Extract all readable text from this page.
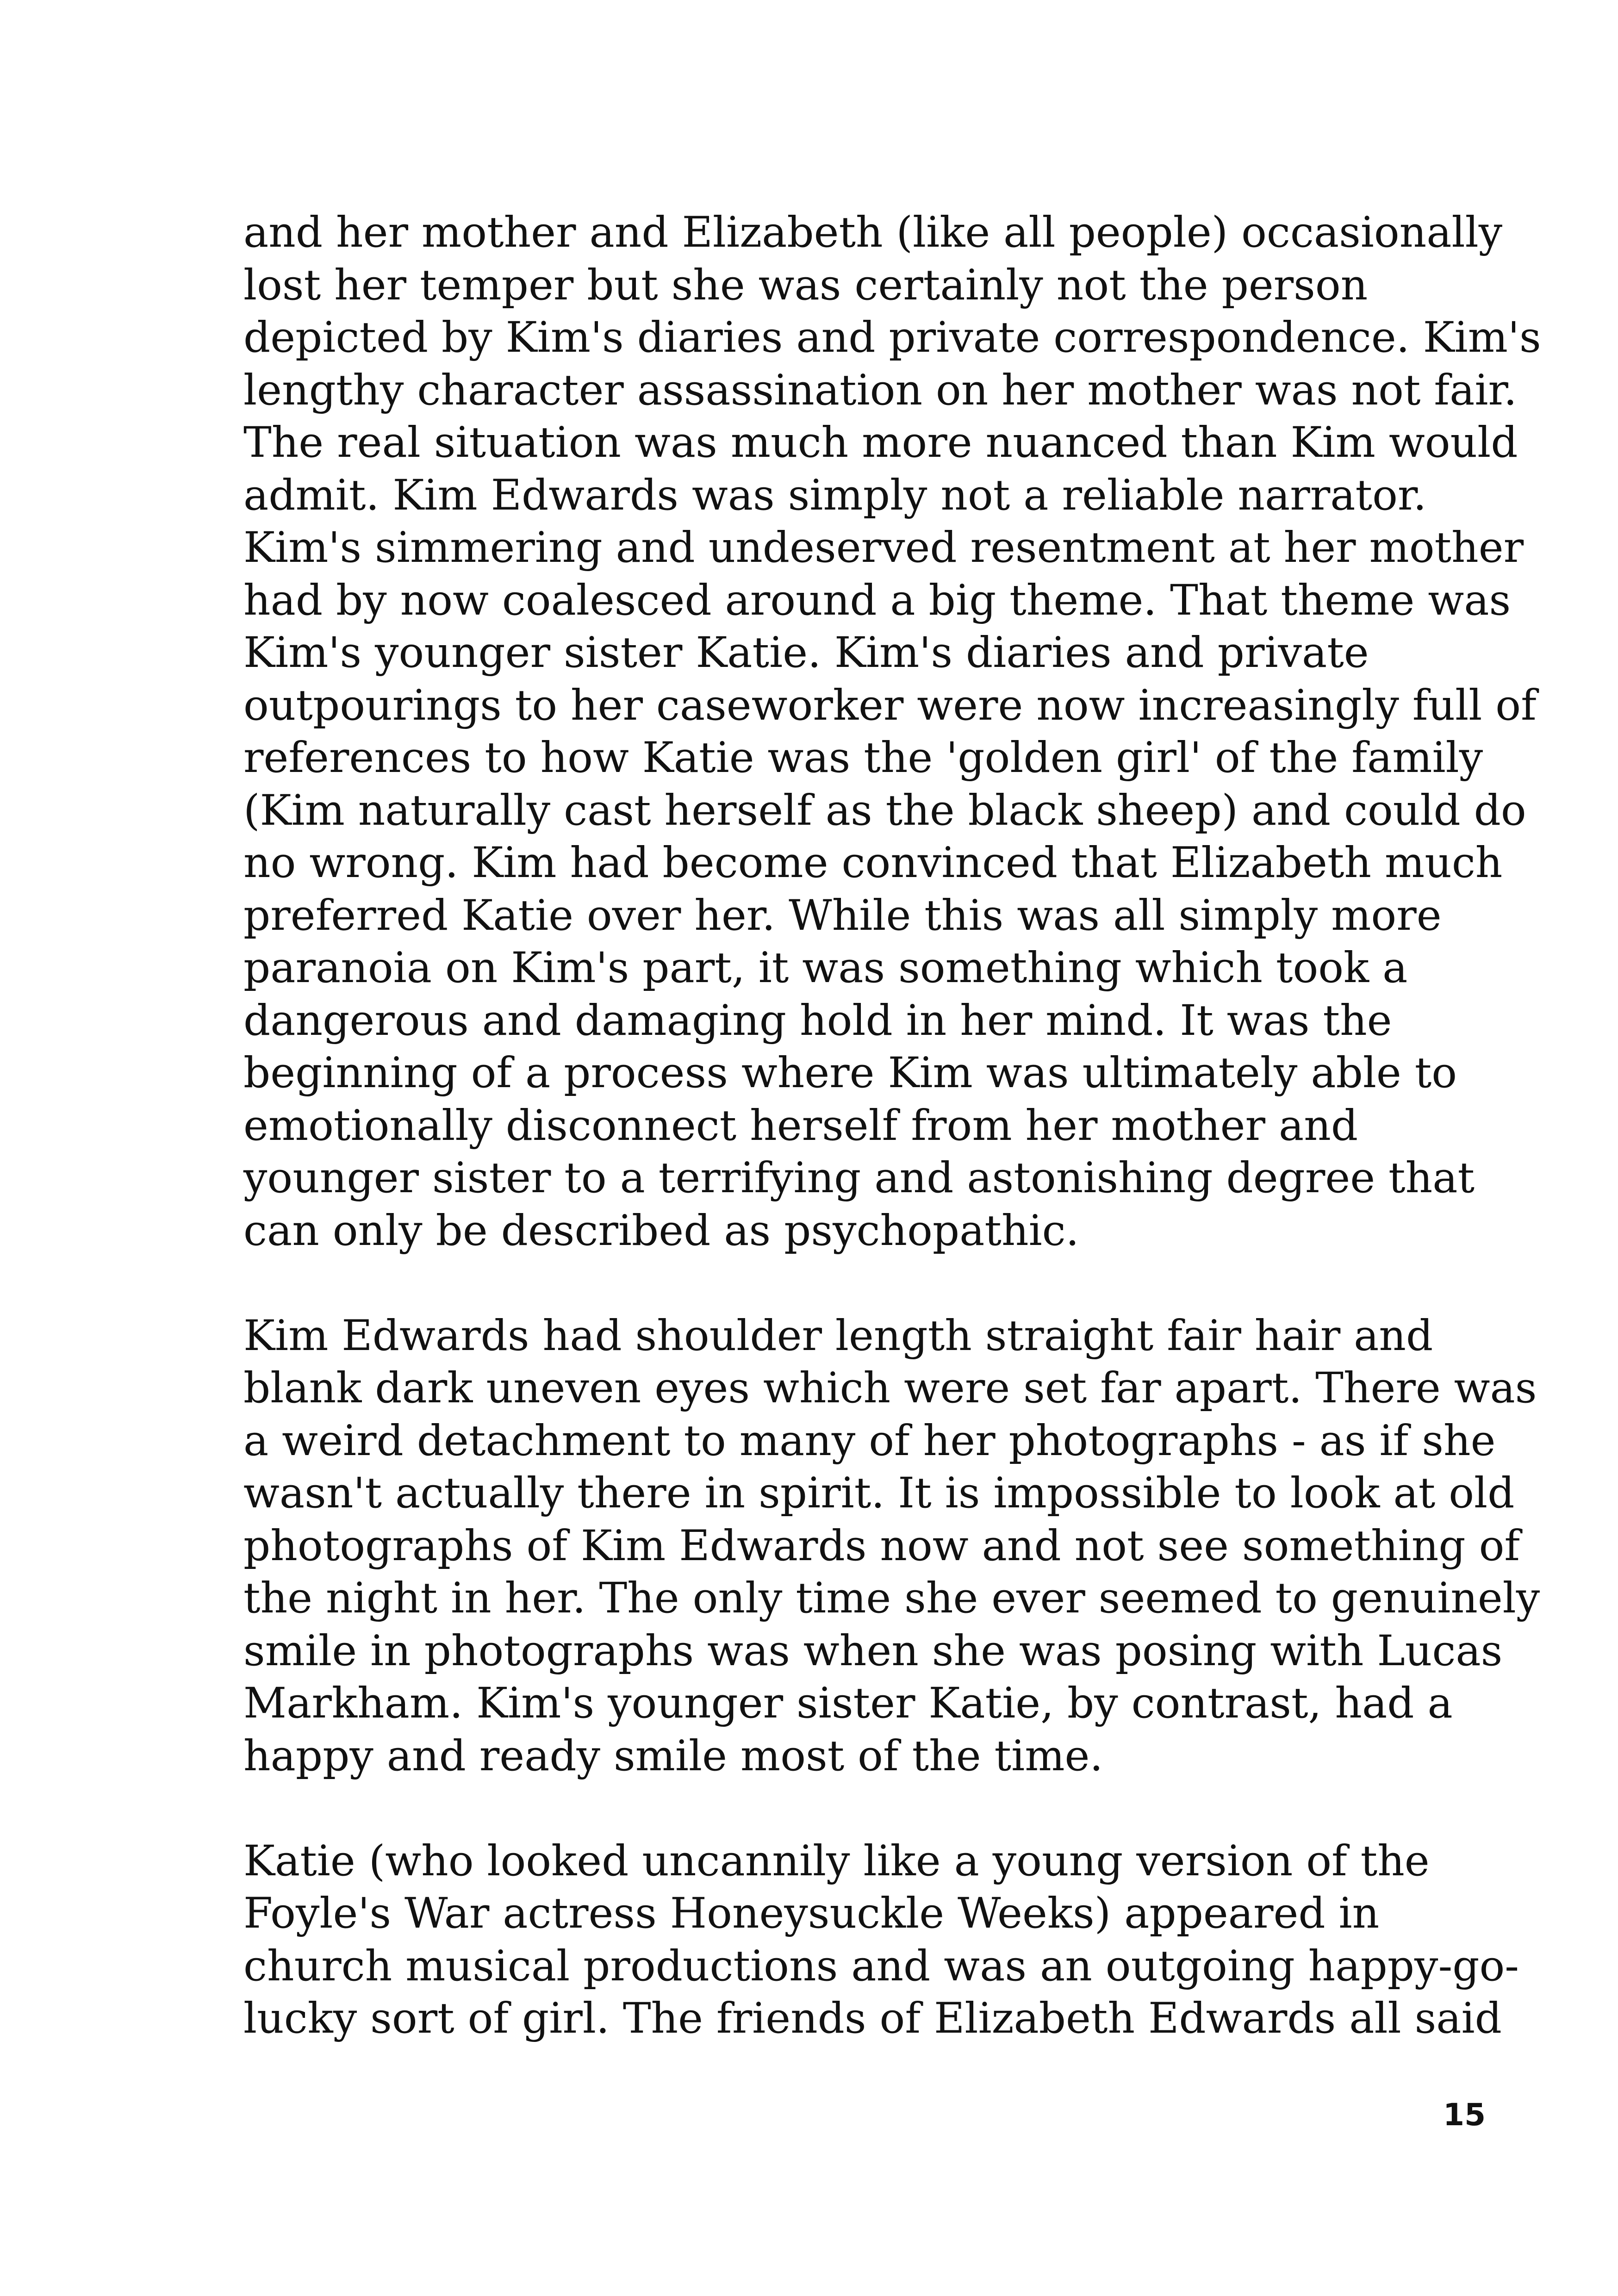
and her mother and Elizabeth (like all people) occasionally
lost her temper but she was certainly not the person
depicted by Kim's diaries and private correspondence. Kim's
lengthy character assassination on her mother was not fair.
The real situation was much more nuanced than Kim would
admit. Kim Edwards was simply not a reliable narrator.
Kim's simmering and undeserved resentment at her mother
had by now coalesced around a big theme. That theme was
Kim's younger sister Katie. Kim's diaries and private
outpourings to her caseworker were now increasingly full of
references to how Katie was the 'golden girl' of the family
(Kim naturally cast herself as the black sheep) and could do
no wrong. Kim had become convinced that Elizabeth much
preferred Katie over her. While this was all simply more
paranoia on Kim's part, it was something which took a
dangerous and damaging hold in her mind. It was the
beginning of a process where Kim was ultimately able to
emotionally disconnect herself from her mother and
younger sister to a terrifying and astonishing degree that
can only be described as psychopathic.

Kim Edwards had shoulder length straight fair hair and
blank dark uneven eyes which were set far apart. There was
a weird detachment to many of her photographs - as if she
wasn't actually there in spirit. It is impossible to look at old
photographs of Kim Edwards now and not see something of
the night in her. The only time she ever seemed to genuinely
smile in photographs was when she was posing with Lucas
Markham. Kim's younger sister Katie, by contrast, had a
happy and ready smile most of the time.

Katie (who looked uncannily like a young version of the
Foyle's War actress Honeysuckle Weeks) appeared in
church musical productions and was an outgoing happy-go-
lucky sort of girl. The friends of Elizabeth Edwards all said

15
